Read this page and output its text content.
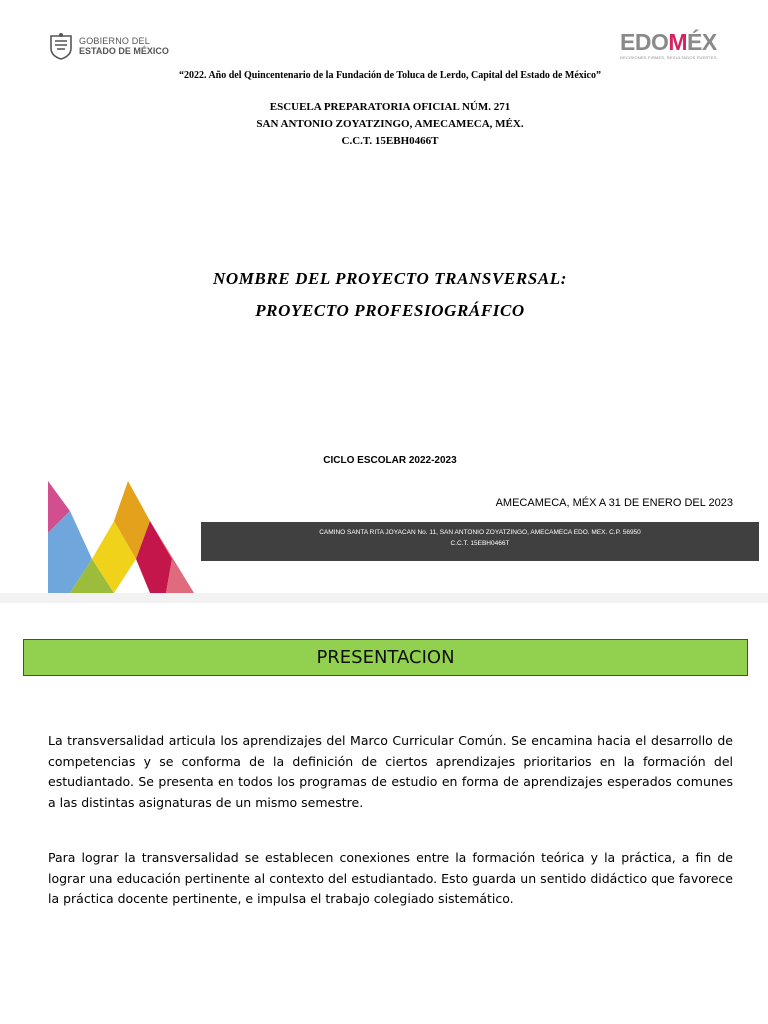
GOBIERNO DEL
ESTADO DE MÉXICO	EDOMÉX
DECISIONES FIRMES, RESULTADOS FUERTES.
“2022. Año del Quincentenario de la Fundación de Toluca de Lerdo, Capital del Estado de México”
ESCUELA PREPARATORIA OFICIAL NÚM. 271
SAN ANTONIO ZOYATZINGO, AMECAMECA, MÉX.
C.C.T. 15EBH0466T
NOMBRE DEL PROYECTO TRANSVERSAL:
PROYECTO PROFESIOGRÁFICO
CICLO ESCOLAR 2022-2023
AMECAMECA, MÉX A 31 DE ENERO DEL 2023
CAMINO SANTA RITA JOYACAN No. 11, SAN ANTONIO ZOYATZINGO, AMECAMECA EDO. MEX. C.P. 56950
C.C.T. 15EBH0466T
PRESENTACION

La transversalidad articula los aprendizajes del Marco Curricular Común. Se encamina hacia el desarrollo de competencias y se conforma de la definición de ciertos aprendizajes prioritarios en la formación del estudiantado. Se presenta en todos los programas de estudio en forma de aprendizajes esperados comunes a las distintas asignaturas de un mismo semestre.

Para lograr la transversalidad se establecen conexiones entre la formación teórica y la práctica, a fin de lograr una educación pertinente al contexto del estudiantado. Esto guarda un sentido didáctico que favorece la práctica docente pertinente, e impulsa el trabajo colegiado sistemático.
